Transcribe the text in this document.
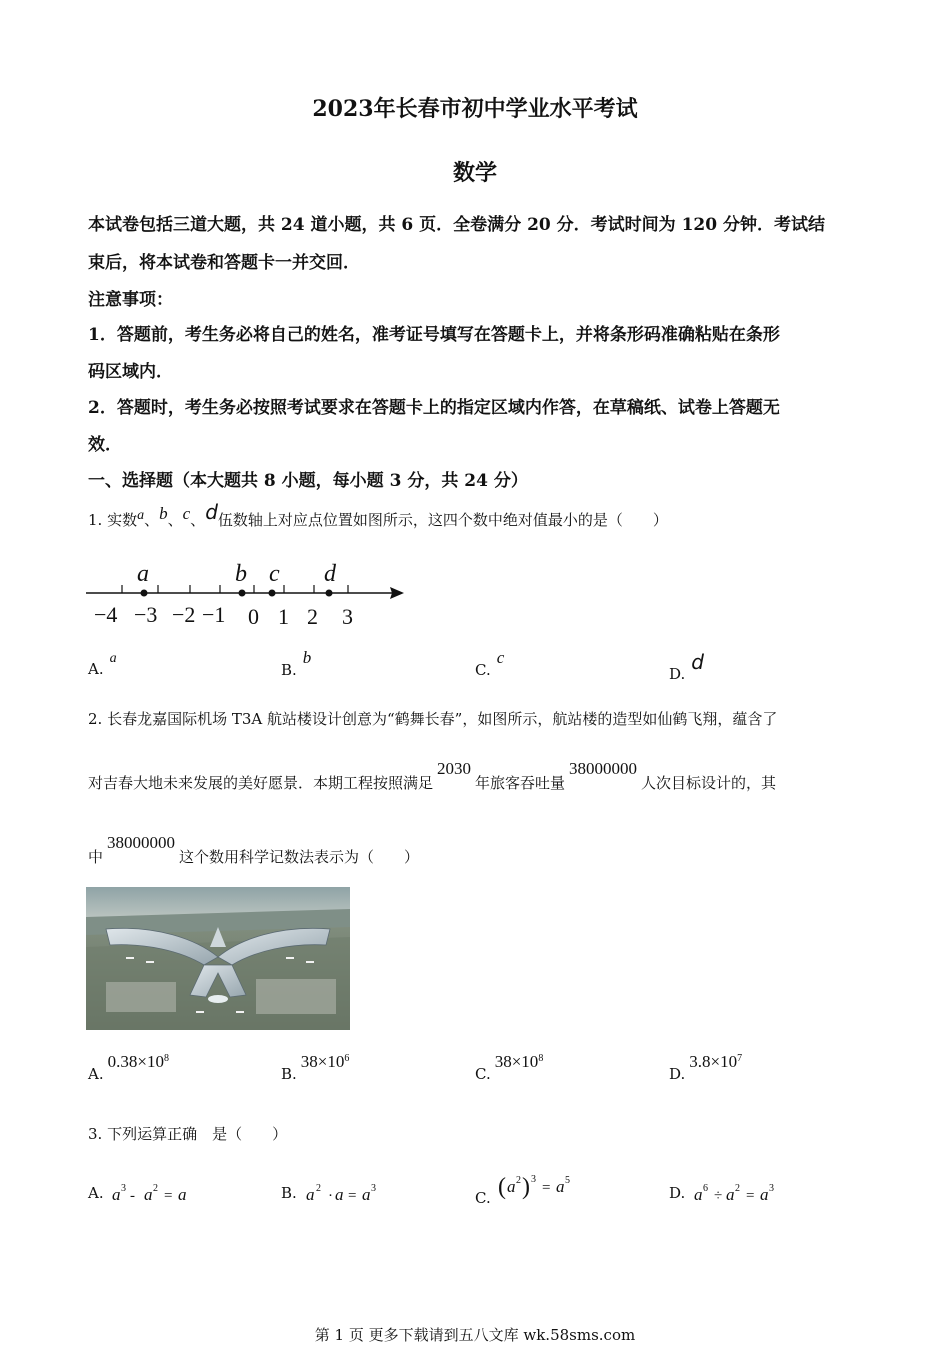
2023年长春市初中学业水平考试
数学
本试卷包括三道大题，共 24 道小题，共 6 页．全卷满分 20 分．考试时间为 120 分钟．考试结
束后，将本试卷和答题卡一并交回．
注意事项：
1．答题前，考生务必将自己的姓名，准考证号填写在答题卡上，并将条形码准确粘贴在条形
码区域内．
2．答题时，考生务必按照考试要求在答题卡上的指定区域内作答，在草稿纸、试卷上答题无
效．
一、选择题（本大题共 8 小题，每小题 3 分，共 24 分）
1. 实数a、b、c、d伍数轴上对应点位置如图所示，这四个数中绝对值最小的是（　　）
a	b c d
−4 −3 −2 −1 0 1 2 3
A.a
B.b
C.c
D. d
2. 长春龙嘉国际机场 T3A 航站楼设计创意为“鹤舞长春”，如图所示，航站楼的造型如仙鹤飞翔，蕴含了
对吉春大地未来发展的美好愿景．本期工程按照满足2030年旅客吞吐量38000000人次目标设计的，其
中38000000这个数用科学记数法表示为（　　）
$A.0.38\times 10^8$
$B.38\times 10^6$
$C.38\times 10^8$
$D.3.8\times 10^7$
3. 下列运算正确　是（　　）
A. a 3 - a 2 = a	B. a 2 · a = a 3
C. ( a 2 ) 3
= a 5
D. a 6 ÷ a 2 = a 3
第 1 页 更多下载请到五八文库 wk.58sms.com
